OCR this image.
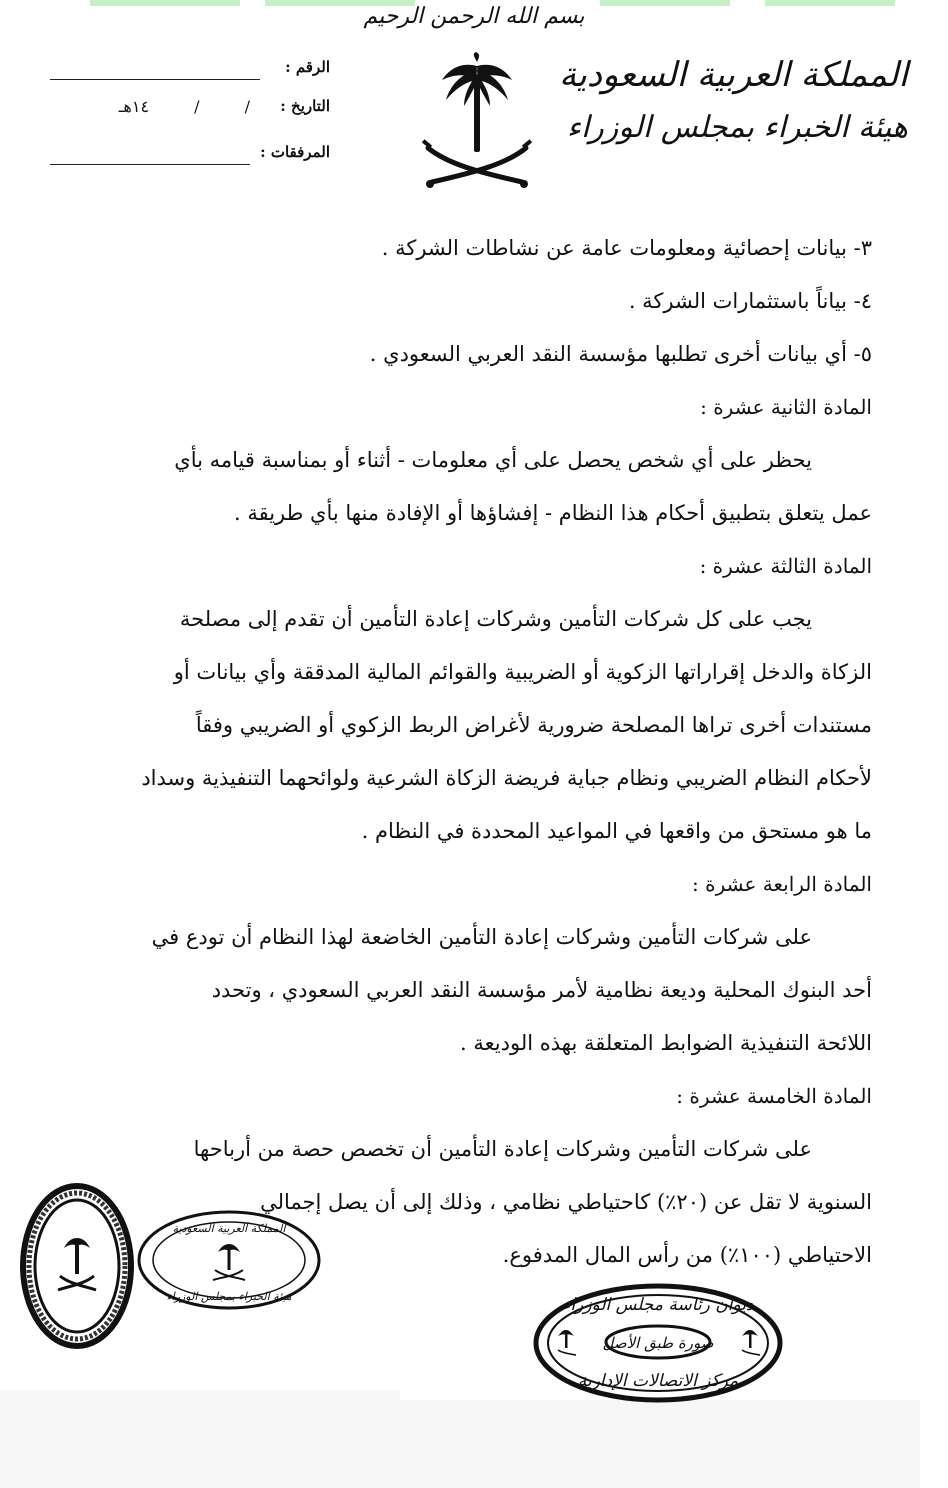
بسم الله الرحمن الرحيم
المملكة العربية السعودية
هيئة الخبراء بمجلس الوزراء
الرقم :
التاريخ :
/ / ١٤هـ
المرفقات :

٣- بيانات إحصائية ومعلومات عامة عن نشاطات الشركة .

٤- بياناً باستثمارات الشركة .

٥- أي بيانات أخرى تطلبها مؤسسة النقد العربي السعودي .

المادة الثانية عشرة :

يحظر على أي شخص يحصل على أي معلومات - أثناء أو بمناسبة قيامه بأي

عمل يتعلق بتطبيق أحكام هذا النظام - إفشاؤها أو الإفادة منها بأي طريقة .

المادة الثالثة عشرة :

يجب على كل شركات التأمين وشركات إعادة التأمين أن تقدم إلى مصلحة

الزكاة والدخل إقراراتها الزكوية أو الضريبية والقوائم المالية المدققة وأي بيانات أو

مستندات أخرى تراها المصلحة ضرورية لأغراض الربط الزكوي أو الضريبي وفقاً

لأحكام النظام الضريبي ونظام جباية فريضة الزكاة الشرعية ولوائحهما التنفيذية وسداد

ما هو مستحق من واقعها في المواعيد المحددة في النظام .

المادة الرابعة عشرة :

على شركات التأمين وشركات إعادة التأمين الخاضعة لهذا النظام أن تودع في

أحد البنوك المحلية وديعة نظامية لأمر مؤسسة النقد العربي السعودي ، وتحدد

اللائحة التنفيذية الضوابط المتعلقة بهذه الوديعة .

المادة الخامسة عشرة :

على شركات التأمين وشركات إعادة التأمين أن تخصص حصة من أرباحها

السنوية لا تقل عن (٢٠٪) كاحتياطي نظامي ، وذلك إلى أن يصل إجمالي

الاحتياطي (١٠٠٪) من رأس المال المدفوع.

المملكة العربية السعودية
هيئة الخبراء بمجلس الوزراء	ديوان رئاسة مجلس الوزراء
صورة طبق الأصل
مركز الاتصالات الإدارية
